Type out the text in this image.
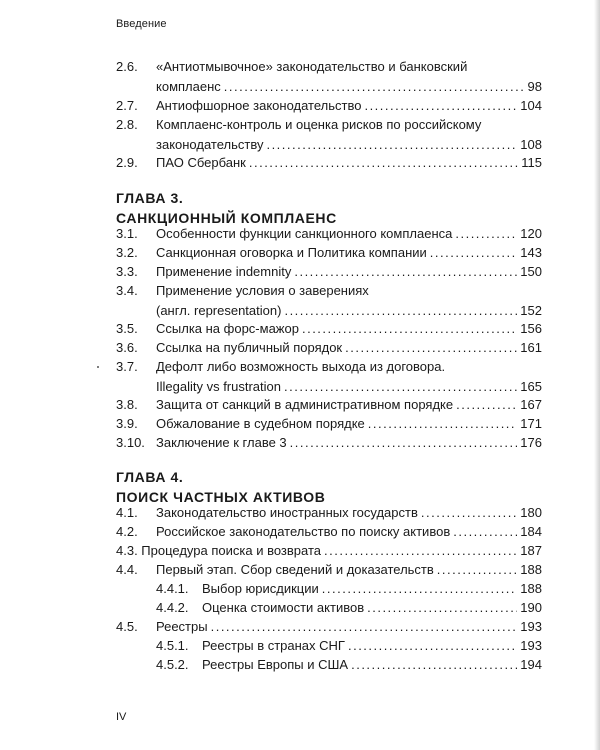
Введение
2.6. «Антиотмывочное» законодательство и банковский
комплаенс .....	98
2.7. Антиофшорное законодательство .....	104
2.8. Комплаенс-контроль и оценка рисков по российскому
законодательству .....	108
2.9. ПАО Сбербанк .....	115
ГЛАВА 3.
САНКЦИОННЫЙ КОМПЛАЕНС
3.1. Особенности функции санкционного комплаенса .....	120
3.2. Санкционная оговорка и Политика компании .....	143
3.3. Применение indemnity .....	150
3.4. Применение условия о заверениях
(англ. representation) .....	152
3.5. Ссылка на форс-мажор .....	156
3.6. Ссылка на публичный порядок .....	161
3.7. Дефолт либо возможность выхода из договора.
Illegality vs frustration .....	165
3.8. Защита от санкций в административном порядке .....	167
3.9. Обжалование в судебном порядке .....	171
3.10. Заключение к главе 3 .....	176
ГЛАВА 4.
ПОИСК ЧАСТНЫХ АКТИВОВ
4.1. Законодательство иностранных государств .....	180
4.2. Российское законодательство по поиску активов .....	184
4.3. Процедура поиска и возврата .....	187
4.4. Первый этап. Сбор сведений и доказательств .....	188
4.4.1. Выбор юрисдикции .....	188
4.4.2. Оценка стоимости активов .....	190
4.5. Реестры .....	193
4.5.1. Реестры в странах СНГ .....	193
4.5.2. Реестры Европы и США .....	194
IV
